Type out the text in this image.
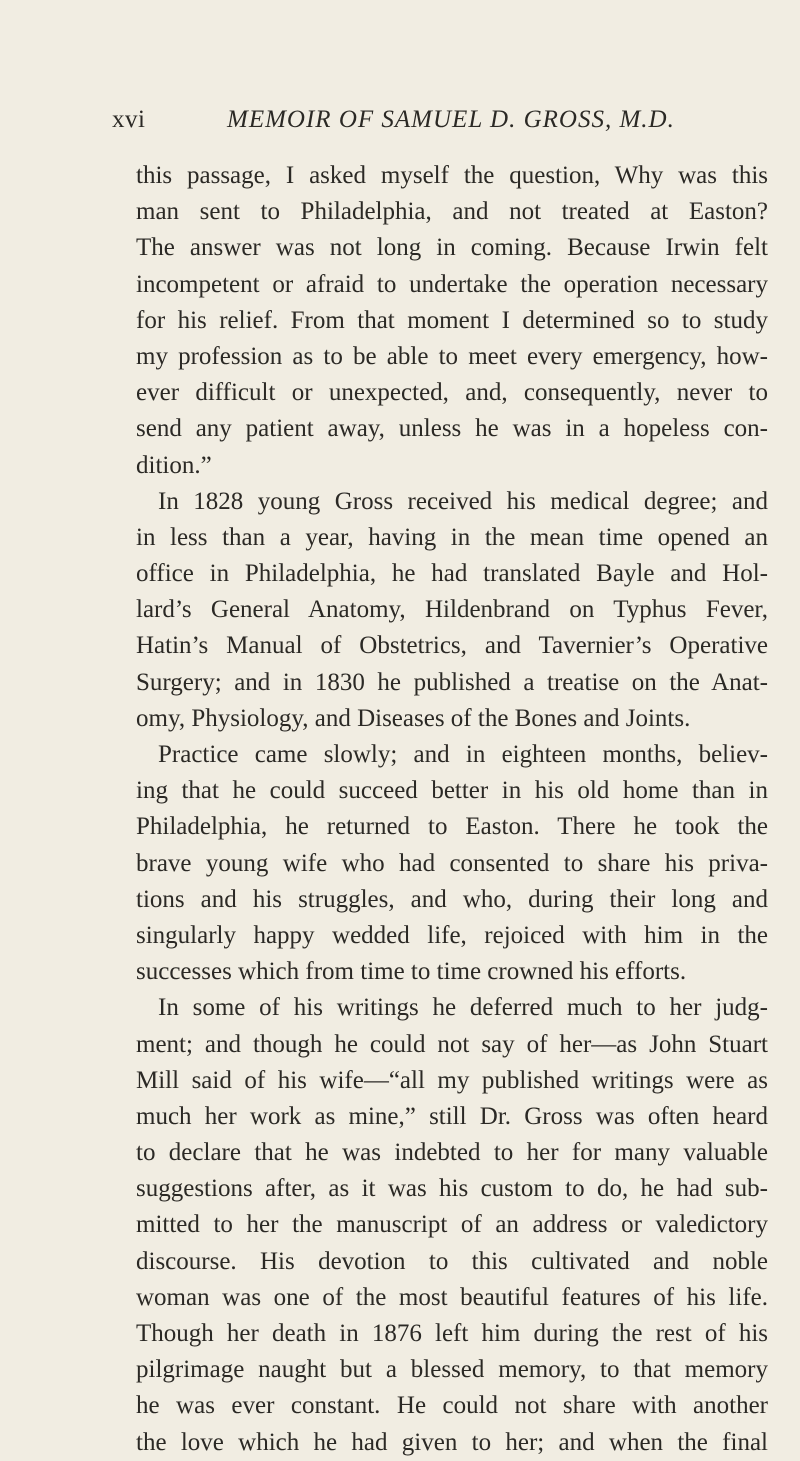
xvi	MEMOIR OF SAMUEL D. GROSS, M.D.
this passage, I asked myself the question, Why was this
man sent to Philadelphia, and not treated at Easton?
The answer was not long in coming. Because Irwin felt
incompetent or afraid to undertake the operation necessary
for his relief. From that moment I determined so to study
my profession as to be able to meet every emergency, how-
ever difficult or unexpected, and, consequently, never to
send any patient away, unless he was in a hopeless con-
dition.”
In 1828 young Gross received his medical degree; and
in less than a year, having in the mean time opened an
office in Philadelphia, he had translated Bayle and Hol-
lard’s General Anatomy, Hildenbrand on Typhus Fever,
Hatin’s Manual of Obstetrics, and Tavernier’s Operative
Surgery; and in 1830 he published a treatise on the Anat-
omy, Physiology, and Diseases of the Bones and Joints.
Practice came slowly; and in eighteen months, believ-
ing that he could succeed better in his old home than in
Philadelphia, he returned to Easton. There he took the
brave young wife who had consented to share his priva-
tions and his struggles, and who, during their long and
singularly happy wedded life, rejoiced with him in the
successes which from time to time crowned his efforts.
In some of his writings he deferred much to her judg-
ment; and though he could not say of her—as John Stuart
Mill said of his wife—“all my published writings were as
much her work as mine,” still Dr. Gross was often heard
to declare that he was indebted to her for many valuable
suggestions after, as it was his custom to do, he had sub-
mitted to her the manuscript of an address or valedictory
discourse. His devotion to this cultivated and noble
woman was one of the most beautiful features of his life.
Though her death in 1876 left him during the rest of his
pilgrimage naught but a blessed memory, to that memory
he was ever constant. He could not share with another
the love which he had given to her; and when the final
